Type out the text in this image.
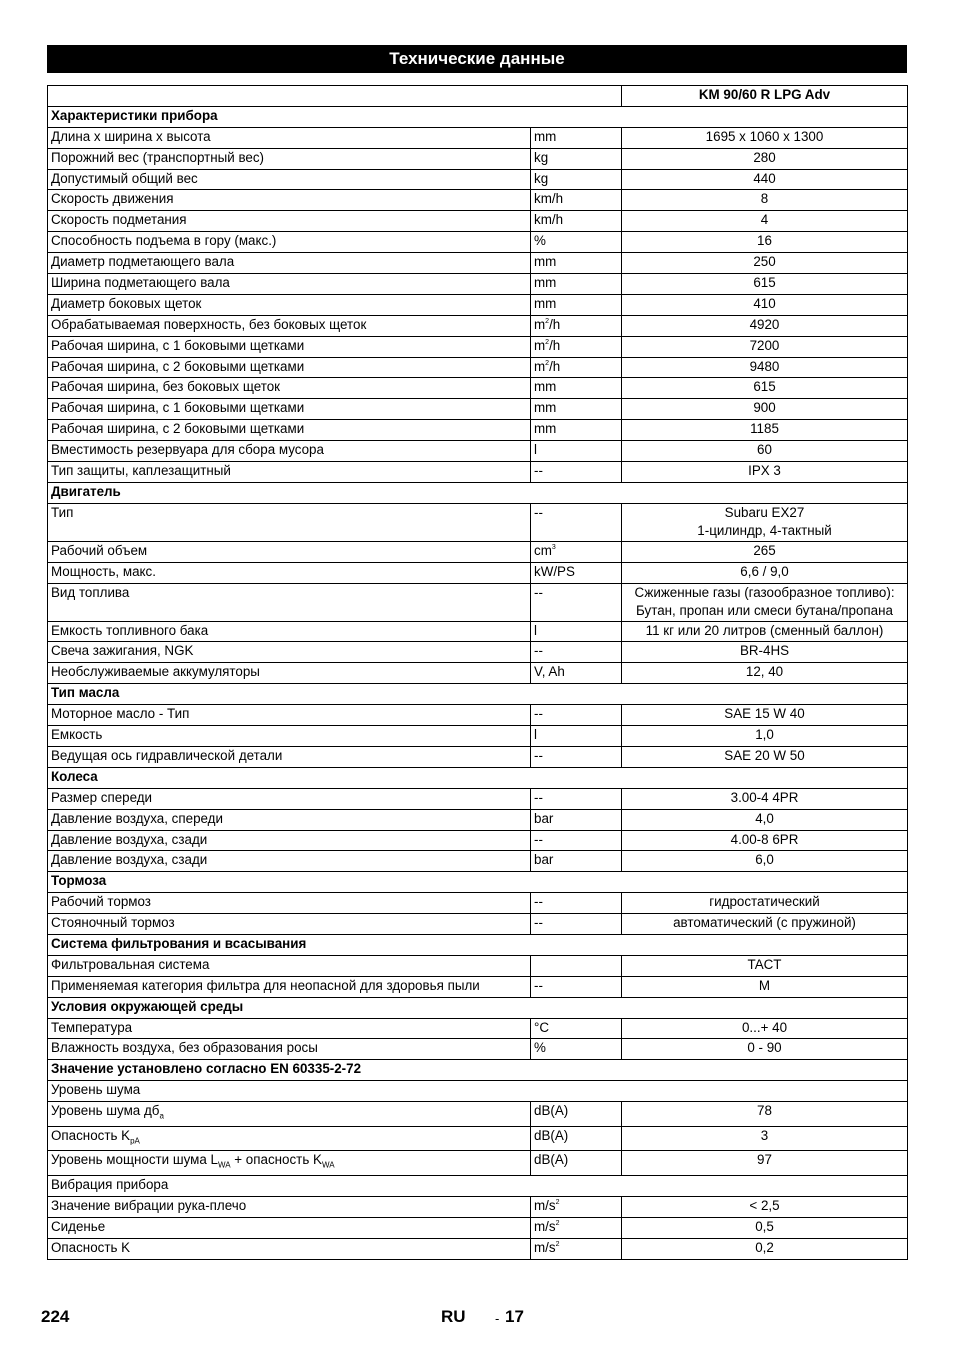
Технические данные
		KM 90/60 R LPG Adv
Характеристики прибора		
Длина x ширина x высота	mm	1695 x 1060 x 1300
Порожний вес (транспортный вес)	kg	280
Допустимый общий вес	kg	440
Скорость движения	km/h	8
Скорость подметания	km/h	4
Способность подъема в гору (макс.)	%	16
Диаметр подметающего вала	mm	250
Ширина подметающего вала	mm	615
Диаметр боковых щеток	mm	410
Обрабатываемая поверхность, без боковых щеток	$m^2/h$	4920
Рабочая ширина, с 1 боковыми щетками	$m^2/h$	7200
Рабочая ширина, с 2 боковыми щетками	$m^2/h$	9480
Рабочая ширина, без боковых щеток	mm	615
Рабочая ширина, с 1 боковыми щетками	mm	900
Рабочая ширина, с 2 боковыми щетками	mm	1185
Вместимость резервуара для сбора мусора	l	60
Тип защиты, каплезащитный	--	IPX 3
Двигатель		
Тип	--	Subaru EX27
1-цилиндр, 4-тактный

Рабочий объем	$cm^3$	265
Мощность, макс.	kW/PS	6,6 / 9,0
Вид топлива	--	Сжиженные газы (газообразное топливо):
Бутан, пропан или смеси бутана/пропана

Емкость топливного бака	l	11 кг или 20 литров (сменный баллон)
Свеча зажигания, NGK	--	BR-4HS
Необслуживаемые аккумуляторы	V, Ah	12, 40
Тип масла		
Моторное масло - Тип	--	SAE 15 W 40
Емкость	l	1,0
Ведущая ось гидравлической детали	--	SAE 20 W 50
Колеса		
Размер спереди	--	3.00-4 4PR
Давление воздуха, спереди	bar	4,0
Давление воздуха, сзади	--	4.00-8 6PR
Давление воздуха, сзади	bar	6,0
Тормоза		
Рабочий тормоз	--	гидростатический
Стояночный тормоз	--	автоматический (с пружиной)
Система фильтрования и всасывания		
Фильтровальная система		TACT
Применяемая категория фильтра для неопасной для здоровья пыли	--	M
Условия окружающей среды		
Температура	°C	0...+ 40
Влажность воздуха, без образования росы	%	0 - 90
Значение установлено согласно EN 60335-2-72		
Уровень шума		
Уровень шума $дб_a$	dB(A)	78
Опасность $K_{pA}$	dB(A)	3
Уровень мощности шума $L_{WA}$ + опасность $K_{WA}$	dB(A)	97
Вибрация прибора		
Значение вибрации рука-плечо	$m/s^2$	< 2,5
Сиденье	$m/s^2$	0,5
Опасность K	$m/s^2$	0,2
224	RU - 17
